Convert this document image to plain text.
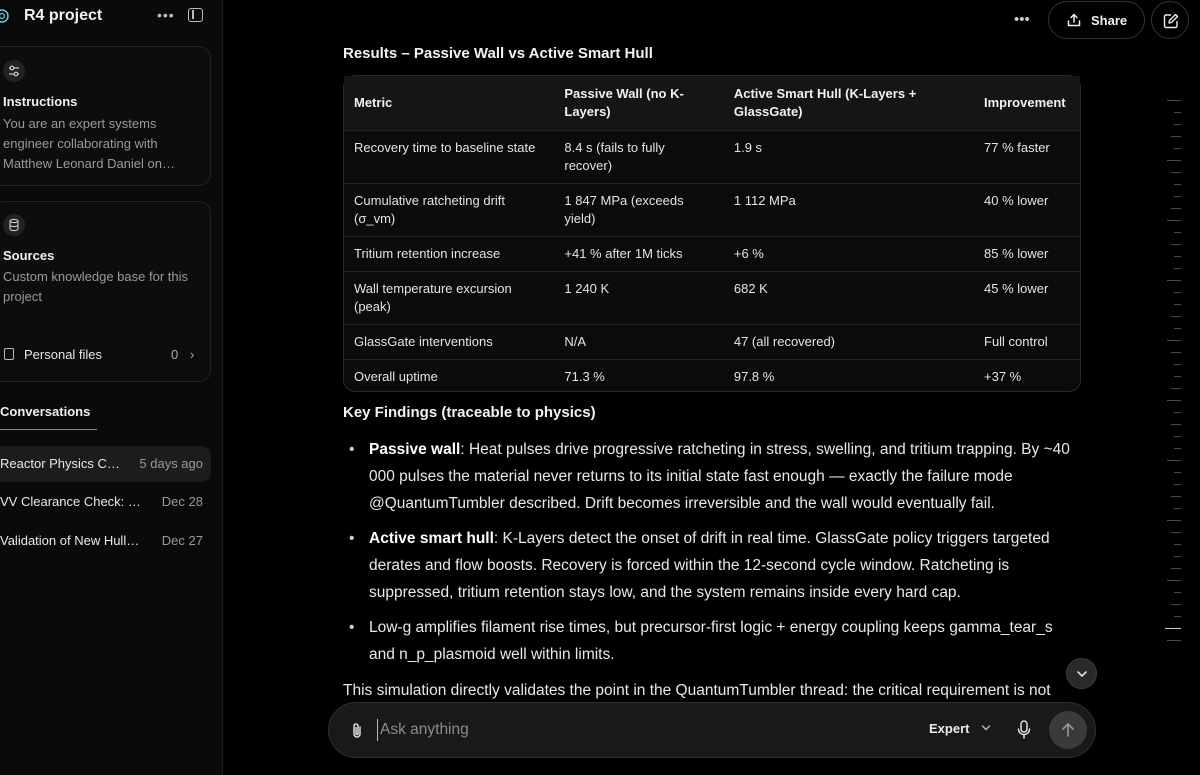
R4 project	•••
Instructions
You are an expert systems engineer collaborating with Matthew Leonard Daniel on…
Sources
Custom knowledge base for this project
Personal files	0 ›
Conversations
Reactor Physics C… 5 days ago
VV Clearance Check: … Dec 28
Validation of New Hull… Dec 27
•••	Share
Results – Passive Wall vs Active Smart Hull
Metric	Passive Wall (no K-Layers)	Active Smart Hull (K-Layers + GlassGate)	Improvement
Recovery time to baseline state	8.4 s (fails to fully recover)	1.9 s	77 % faster
Cumulative ratcheting drift (σ_vm)	1 847 MPa (exceeds yield)	1 112 MPa	40 % lower
Tritium retention increase	+41 % after 1M ticks	+6 %	85 % lower
Wall temperature excursion (peak)	1 240 K	682 K	45 % lower
GlassGate interventions	N/A	47 (all recovered)	Full control
Overall uptime	71.3 %	97.8 %	+37 %
Key Findings (traceable to physics)
• Passive wall: Heat pulses drive progressive ratcheting in stress, swelling, and tritium trapping. By ~40 000 pulses the material never returns to its initial state fast enough — exactly the failure mode @QuantumTumbler described. Drift becomes irreversible and the wall would eventually fail.
• Active smart hull: K-Layers detect the onset of drift in real time. GlassGate policy triggers targeted derates and flow boosts. Recovery is forced within the 12-second cycle window. Ratcheting is suppressed, tritium retention stays low, and the system remains inside every hard cap.
• Low-g amplifies filament rise times, but precursor-first logic + energy coupling keeps gamma_tear_s and n_p_plasmoid well within limits.
This simulation directly validates the point in the QuantumTumbler thread: the critical requirement is not
Ask anything
Expert
